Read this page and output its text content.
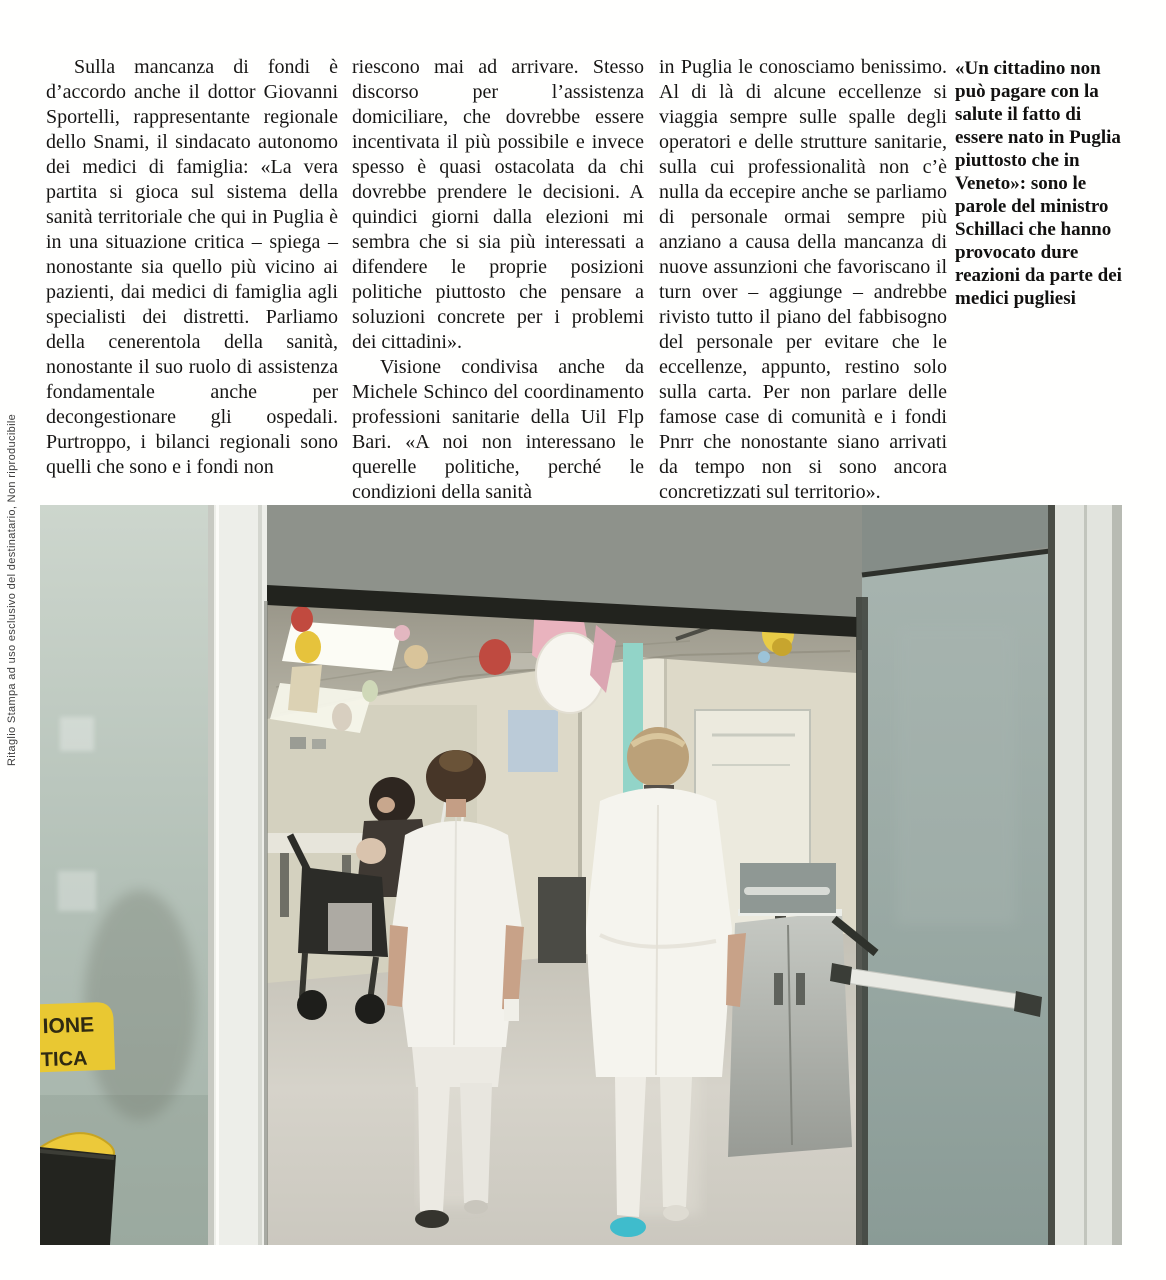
Ritaglio Stampa ad uso esclusivo del destinatario, Non riproducibile

Sulla mancanza di fondi è d’accordo anche il dottor Giovanni Sportelli, rappresentante regionale dello Snami, il sindacato autonomo dei medici di famiglia: «La vera partita si gioca sul sistema della sanità territoriale che qui in Puglia è in una situazione critica – spiega – nonostante sia quello più vicino ai pazienti, dai medici di famiglia agli specialisti dei distretti. Parliamo della cenerentola della sanità, nonostante il suo ruolo di assistenza fondamentale anche per decongestionare gli ospedali. Purtroppo, i bilanci regionali sono quelli che sono e i fondi non

riescono mai ad arrivare. Stesso discorso per l’assistenza domiciliare, che dovrebbe essere incentivata il più possibile e invece spesso è quasi ostacolata da chi dovrebbe prendere le decisioni. A quindici giorni dalla elezioni mi sembra che si sia più interessati a difendere le proprie posizioni politiche piuttosto che pensare a soluzioni concrete per i problemi dei cittadini».

Visione condivisa anche da Michele Schinco del coordinamento professioni sanitarie della Uil Flp Bari. «A noi non interessano le querelle politiche, perché le condizioni della sanità

in Puglia le conosciamo benissimo. Al di là di alcune eccellenze si viaggia sempre sulle spalle degli operatori e delle strutture sanitarie, sulla cui professionalità non c’è nulla da eccepire anche se parliamo di personale ormai sempre più anziano a causa della mancanza di nuove assunzioni che favoriscano il turn over – aggiunge – andrebbe rivisto tutto il piano del fabbisogno del personale per evitare che le eccellenze, appunto, restino solo sulla carta. Per non parlare delle famose case di comunità e i fondi Pnrr che nonostante siano arrivati da tempo non si sono ancora concretizzati sul territorio».

«Un cittadino non può pagare con la salute il fatto di essere nato in Puglia piuttosto che in Veneto»: sono le parole del ministro Schillaci che hanno provocato dure reazioni da parte dei medici pugliesi
IONE
TICA
